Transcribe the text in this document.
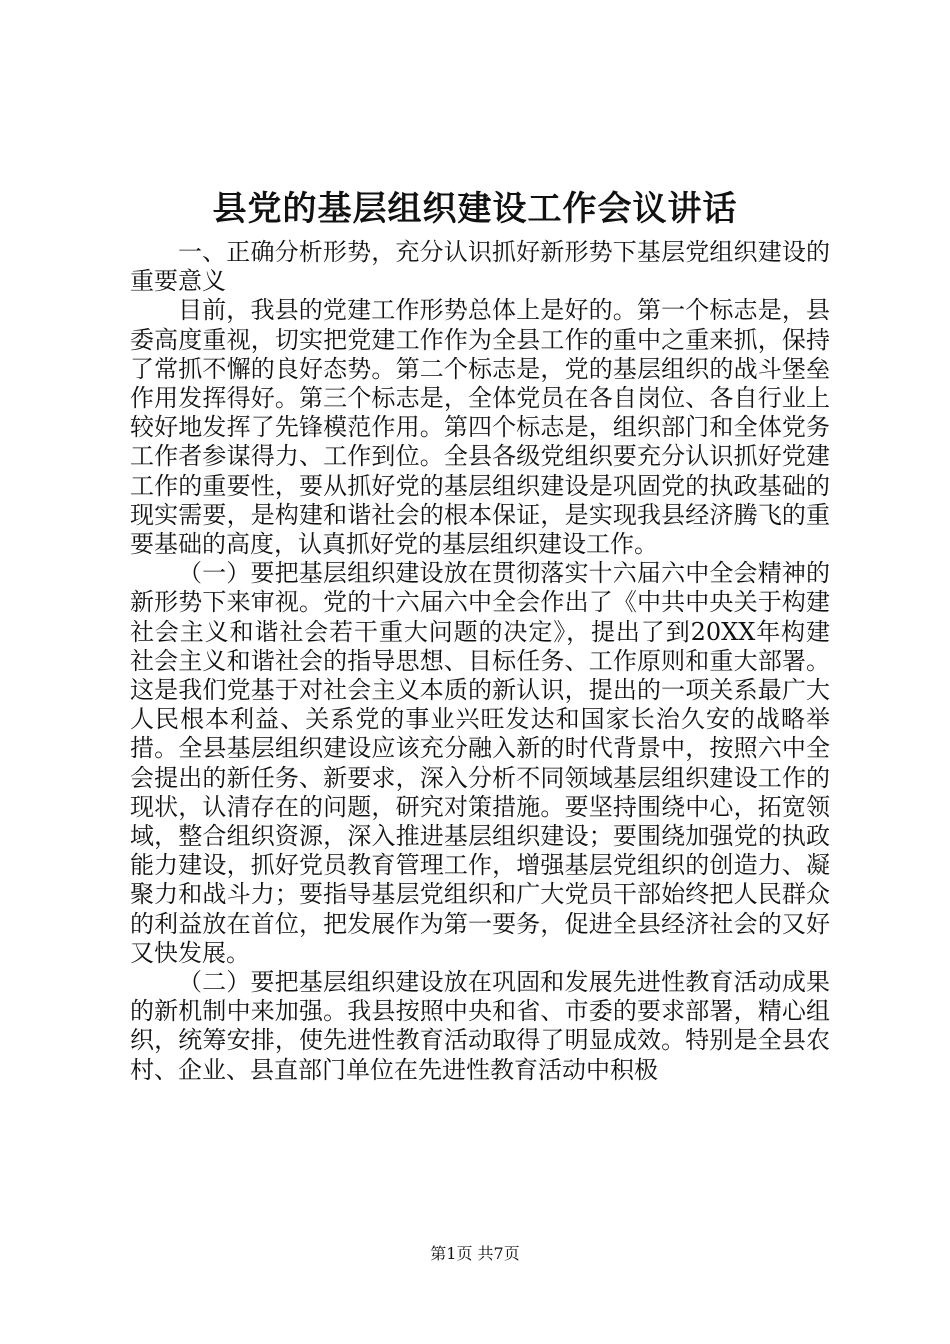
县党的基层组织建设工作会议讲话

一、正确分析形势，充分认识抓好新形势下基层党组织建设的重要意义

目前，我县的党建工作形势总体上是好的。第一个标志是，县委高度重视，切实把党建工作作为全县工作的重中之重来抓，保持了常抓不懈的良好态势。第二个标志是，党的基层组织的战斗堡垒作用发挥得好。第三个标志是，全体党员在各自岗位、各自行业上较好地发挥了先锋模范作用。第四个标志是，组织部门和全体党务工作者参谋得力、工作到位。全县各级党组织要充分认识抓好党建工作的重要性，要从抓好党的基层组织建设是巩固党的执政基础的现实需要，是构建和谐社会的根本保证，是实现我县经济腾飞的重要基础的高度，认真抓好党的基层组织建设工作。

（一）要把基层组织建设放在贯彻落实十六届六中全会精神的新形势下来审视。党的十六届六中全会作出了《中共中央关于构建社会主义和谐社会若干重大问题的决定》，提出了到20XX年构建社会主义和谐社会的指导思想、目标任务、工作原则和重大部署。这是我们党基于对社会主义本质的新认识，提出的一项关系最广大人民根本利益、关系党的事业兴旺发达和国家长治久安的战略举措。全县基层组织建设应该充分融入新的时代背景中，按照六中全会提出的新任务、新要求，深入分析不同领域基层组织建设工作的现状，认清存在的问题，研究对策措施。要坚持围绕中心，拓宽领域，整合组织资源，深入推进基层组织建设；要围绕加强党的执政能力建设，抓好党员教育管理工作，增强基层党组织的创造力、凝聚力和战斗力；要指导基层党组织和广大党员干部始终把人民群众的利益放在首位，把发展作为第一要务，促进全县经济社会的又好又快发展。

（二）要把基层组织建设放在巩固和发展先进性教育活动成果的新机制中来加强。我县按照中央和省、市委的要求部署，精心组织，统筹安排，使先进性教育活动取得了明显成效。特别是全县农村、企业、县直部门单位在先进性教育活动中积极

第1页 共7页
